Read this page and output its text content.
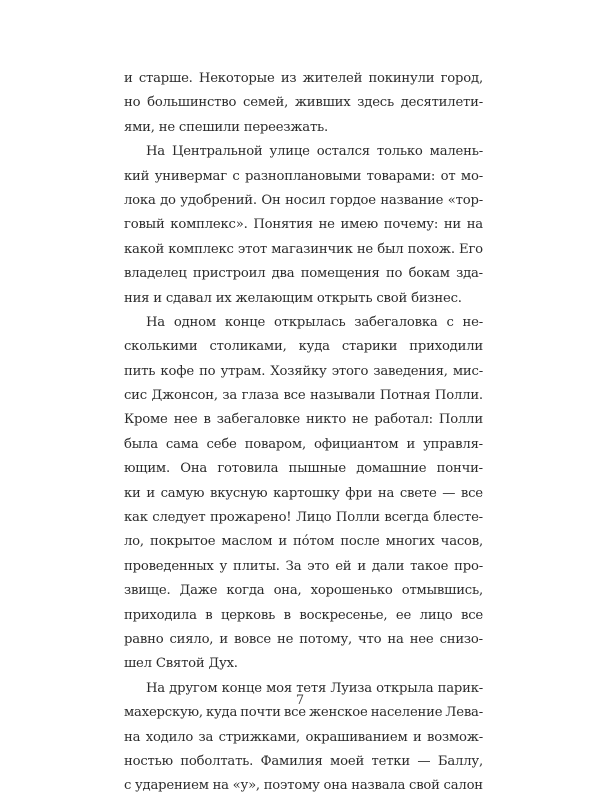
и старше. Некоторые из жителей покинули город,
но большинство семей, живших здесь десятилети-
ями, не спешили переезжать.
На Центральной улице остался только малень-
кий универмаг с разноплановыми товарами: от мо-
лока до удобрений. Он носил гордое название «тор-
говый комплекс». Понятия не имею почему: ни на
какой комплекс этот магазинчик не был похож. Его
владелец пристроил два помещения по бокам зда-
ния и сдавал их желающим открыть свой бизнес.
На одном конце открылась забегаловка с не-
сколькими столиками, куда старики приходили
пить кофе по утрам. Хозяйку этого заведения, мис-
сис Джонсон, за глаза все называли Потная Полли.
Кроме нее в забегаловке никто не работал: Полли
была сама себе поваром, официантом и управля-
ющим. Она готовила пышные домашние пончи-
ки и самую вкусную картошку фри на свете — все
как следует прожарено! Лицо Полли всегда блесте-
ло, покрытое маслом и пóтом после многих часов,
проведенных у плиты. За это ей и дали такое про-
звище. Даже когда она, хорошенько отмывшись,
приходила в церковь в воскресенье, ее лицо все
равно сияло, и вовсе не потому, что на нее снизо-
шел Святой Дух.
На другом конце моя тетя Луиза открыла парик-
махерскую, куда почти все женское население Лева-
на ходило за стрижками, окрашиванием и возмож-
ностью поболтать. Фамилия моей тетки — Баллу,
с ударением на «у», поэтому она назвала свой салон
7
